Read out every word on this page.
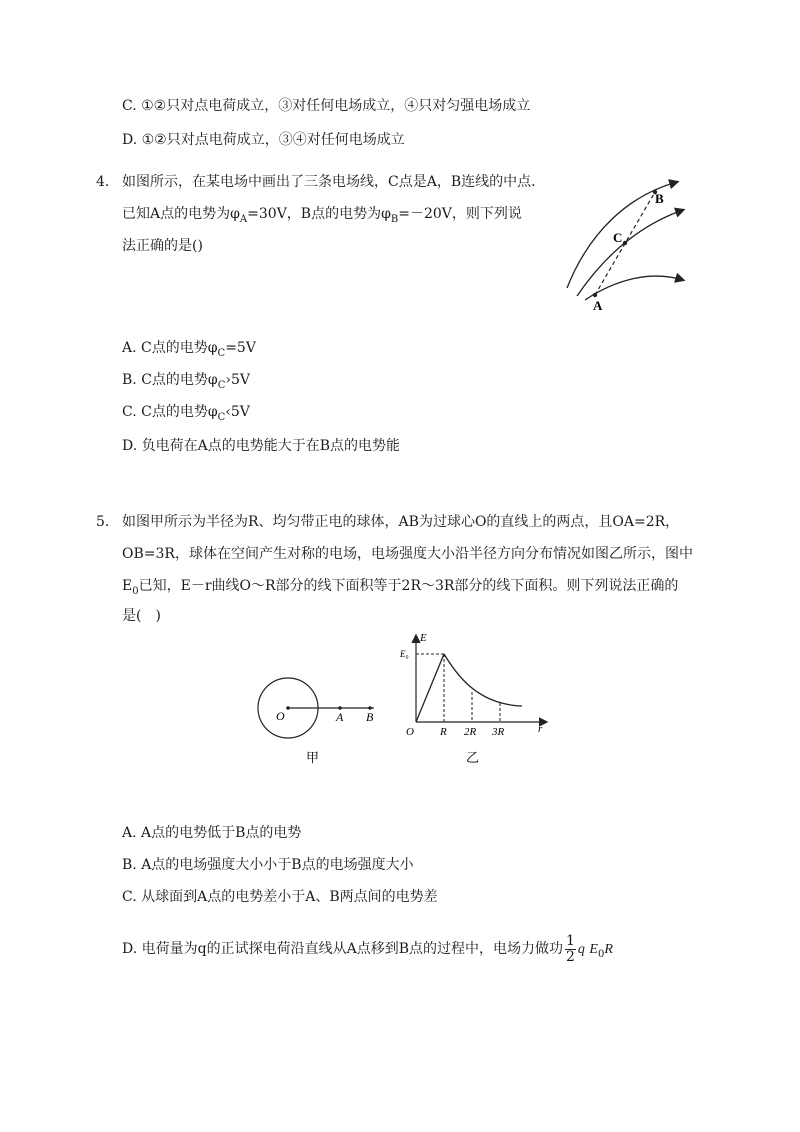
C. ①②只对点电荷成立，③对任何电场成立，④只对匀强电场成立
D. ①②只对点电荷成立，③④对任何电场成立
4. 如图所示，在某电场中画出了三条电场线，C点是A，B连线的中点.
已知A点的电势为$\varphi_A=30V$，B点的电势为$\varphi_B=-20V$，则下列说
法正确的是()
A
C
B
A. C点的电势$\varphi_C=5V$
B. C点的电势$\varphi_C›5V$
C. C点的电势$\varphi_C‹5V$
D. 负电荷在A点的电势能大于在B点的电势能
5. 如图甲所示为半径为R、均匀带正电的球体，AB为过球心O的直线上的两点，且OA=2R，
OB=3R，球体在空间产生对称的电场，电场强度大小沿半径方向分布情况如图乙所示，图中
$E_0$已知，E－r曲线O～R部分的线下面积等于2R～3R部分的线下面积。则下列说法正确的
是(　)
O	A B
甲
E
E₀
O R 2R 3R	r
乙
A. A点的电势低于B点的电势
B. A点的电场强度大小小于B点的电场强度大小
C. 从球面到A点的电势差小于A、B两点间的电势差
D. 电荷量为q的正试探电荷沿直线从A点移到B点的过程中，电场力做功 $\frac{1}{2}$ q $E_0R$
